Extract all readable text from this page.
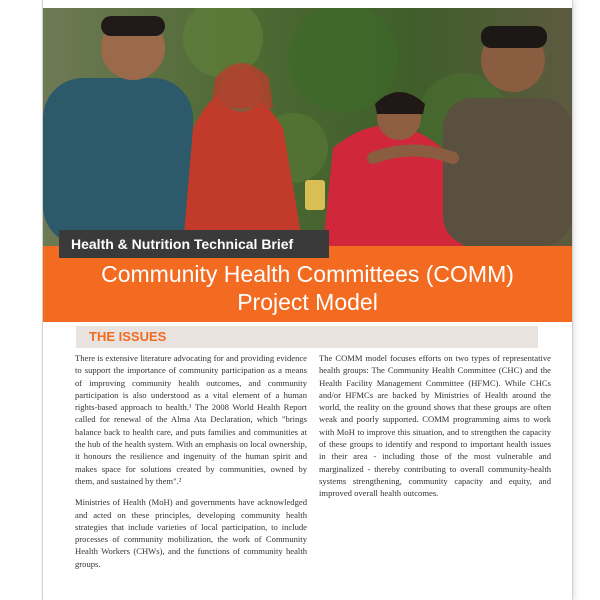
Health & Nutrition Technical Brief
Community Health Committees (COMM)
Project Model
THE ISSUES

There is extensive literature advocating for and providing evidence to support the importance of community participation as a means of improving community health outcomes, and community participation is also understood as a vital element of a human rights-based approach to health.¹ The 2008 World Health Report called for renewal of the Alma Ata Declaration, which "brings balance back to health care, and puts families and communities at the hub of the health system. With an emphasis on local ownership, it honours the resilience and ingenuity of the human spirit and makes space for solutions created by communities, owned by them, and sustained by them".²

Ministries of Health (MoH) and governments have acknowledged and acted on these principles, developing community health strategies that include varieties of local participation, to include processes of community mobilization, the work of Community Health Workers (CHWs), and the functions of community health groups.

The COMM model focuses efforts on two types of representative health groups: The Community Health Committee (CHC) and the Health Facility Management Committee (HFMC). While CHCs and/or HFMCs are backed by Ministries of Health around the world, the reality on the ground shows that these groups are often weak and poorly supported. COMM programming aims to work with MoH to improve this situation, and to strengthen the capacity of these groups to identify and respond to important health issues in their area - including those of the most vulnerable and marginalized - thereby contributing to overall community-health systems strengthening, community capacity and equity, and improved overall health outcomes.
